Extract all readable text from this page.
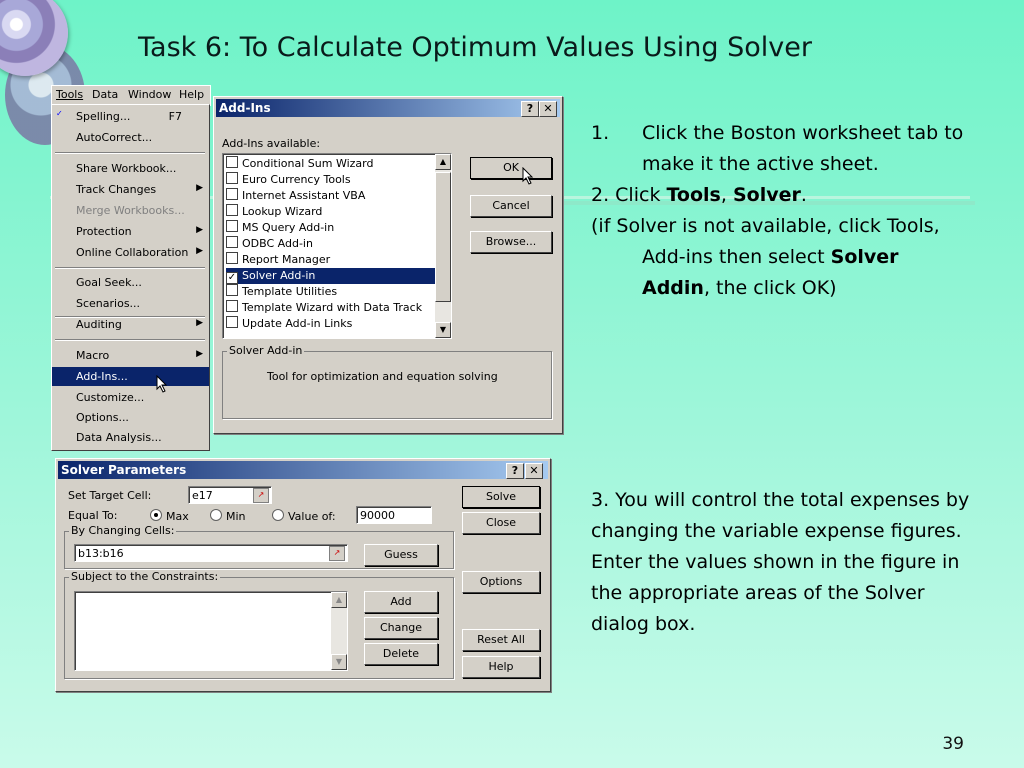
Task 6: To Calculate Optimum Values Using Solver
Tools Data Window Help
✓ Spelling...	F7
AutoCorrect...
Share Workbook...
Track Changes	▶
Merge Workbooks...
Protection	▶
Online Collaboration ▶
Goal Seek...
Scenarios...
Auditing	▶
Macro	▶
Add-Ins...
Customize...
Options...
Data Analysis...
Add-Ins	? ✕
Add-Ins available:
Conditional Sum Wizard
Euro Currency Tools
Internet Assistant VBA
Lookup Wizard
MS Query Add-in
ODBC Add-in
Report Manager
✓ Solver Add-in
Template Utilities
Template Wizard with Data Track
Update Add-in Links
▲
▼
OK
Cancel
Browse...
Solver Add-in
Tool for optimization and equation solving
Solver Parameters	?	✕
Set Target Cell:	e17	↗
Equal To:	Max	Min	Value of:	90000
By Changing Cells:
b13:b16	↗	Guess
Subject to the Constraints:
▲
▼
Add
Change
Delete
Solve
Close
Options
Reset All
Help
1. Click the Boston worksheet tab to make it the active sheet.
2. Click Tools, Solver.
(if Solver is not available, click Tools, Add-ins then select Solver Addin, the click OK)
3. You will control the total expenses by changing the variable expense figures. Enter the values shown in the figure in the appropriate areas of the Solver dialog box.
39
